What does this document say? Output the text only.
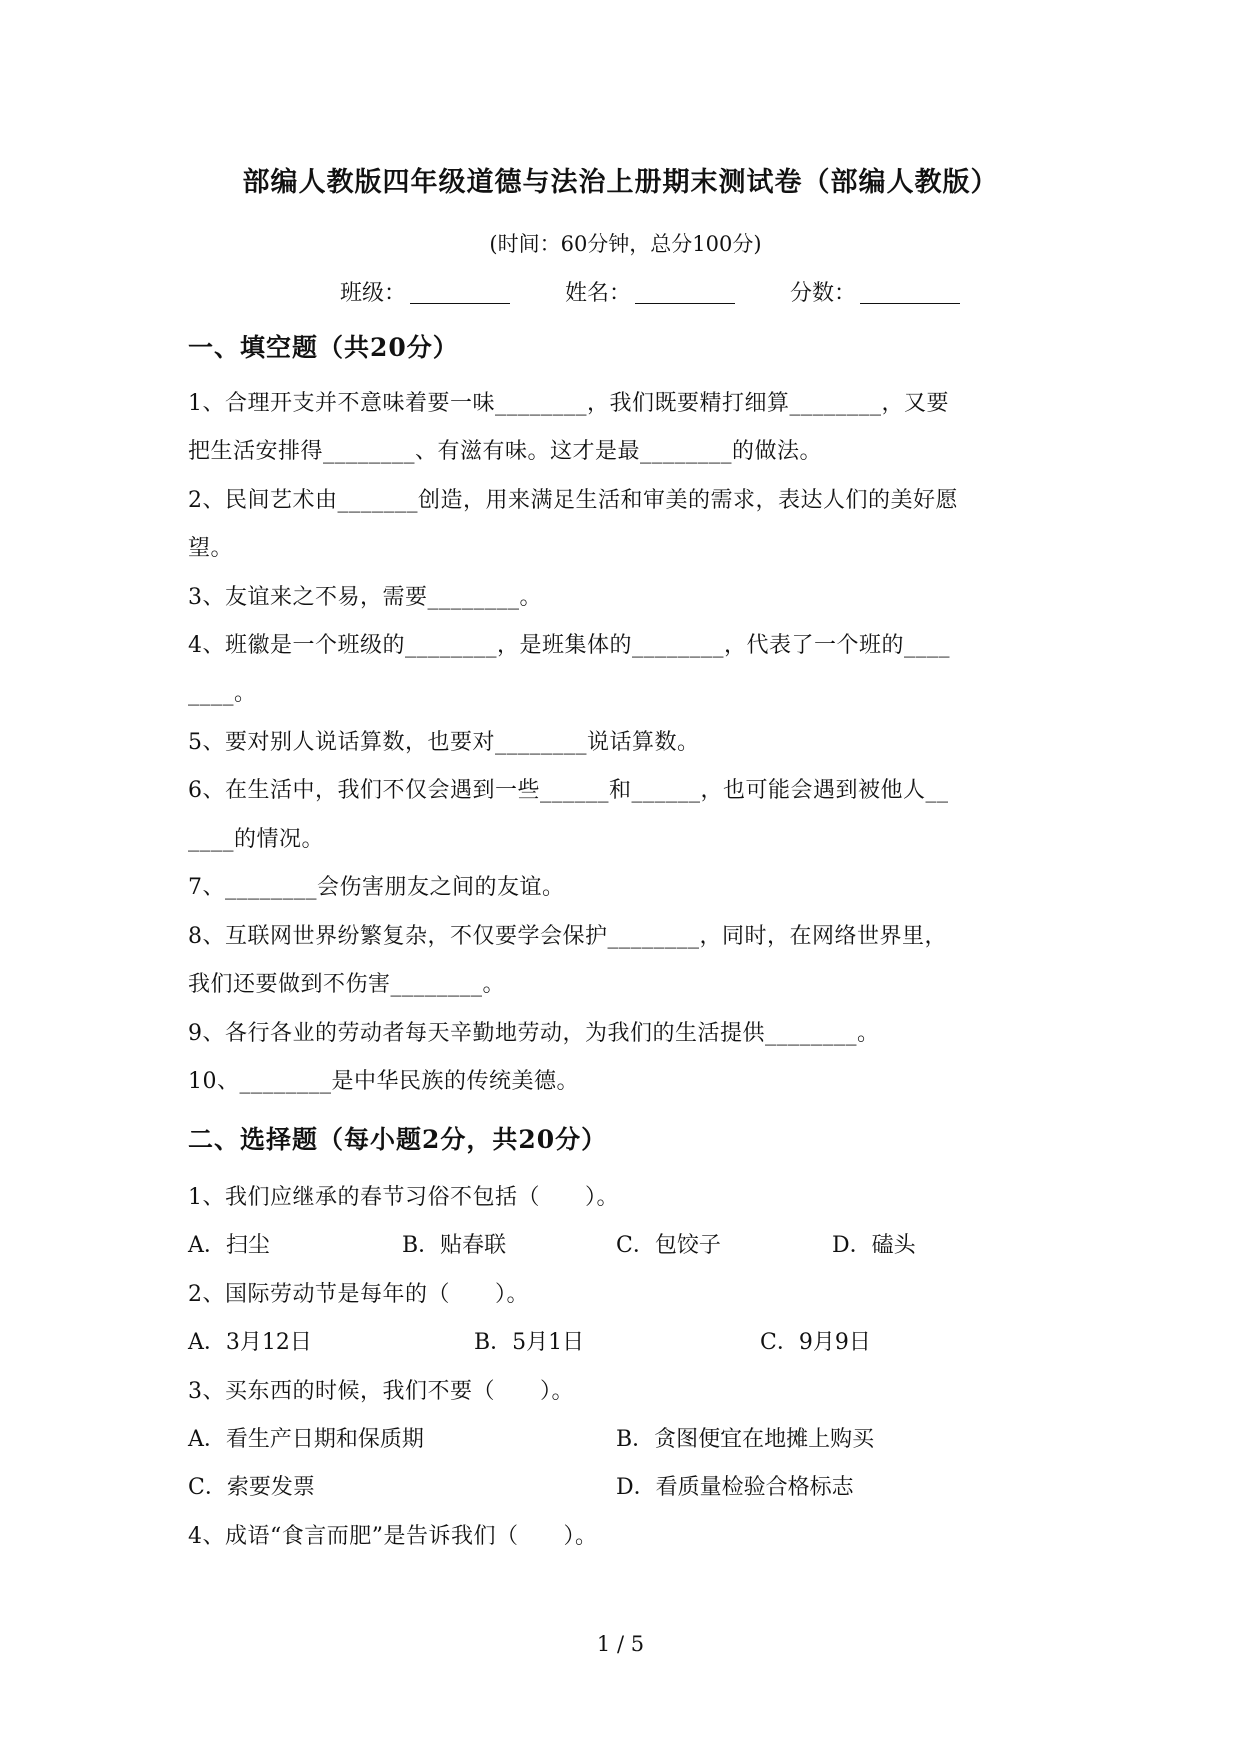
部编人教版四年级道德与法治上册期末测试卷（部编人教版）
(时间：60分钟，总分100分)
班级：	姓名：	分数：
一、填空题（共20分）
1、合理开支并不意味着要一味________，我们既要精打细算________，又要
把生活安排得________、有滋有味。这才是最________的做法。
2、民间艺术由_______创造，用来满足生活和审美的需求，表达人们的美好愿
望。
3、友谊来之不易，需要________。
4、班徽是一个班级的________，是班集体的________，代表了一个班的____
____。
5、要对别人说话算数，也要对________说话算数。
6、在生活中，我们不仅会遇到一些______和______，也可能会遇到被他人__
____的情况。
7、________会伤害朋友之间的友谊。
8、互联网世界纷繁复杂，不仅要学会保护________，同时，在网络世界里，
我们还要做到不伤害________。
9、各行各业的劳动者每天辛勤地劳动，为我们的生活提供________。
10、________是中华民族的传统美德。
二、选择题（每小题2分，共20分）
1、我们应继承的春节习俗不包括（　　）。
A．扫尘	B．贴春联	C．包饺子	D．磕头
2、国际劳动节是每年的（　　）。
A．3月12日	B．5月1日	C．9月9日
3、买东西的时候，我们不要（　　）。
A．看生产日期和保质期	B．贪图便宜在地摊上购买
C．索要发票	D．看质量检验合格标志
4、成语“食言而肥”是告诉我们（　　）。
1 / 5
